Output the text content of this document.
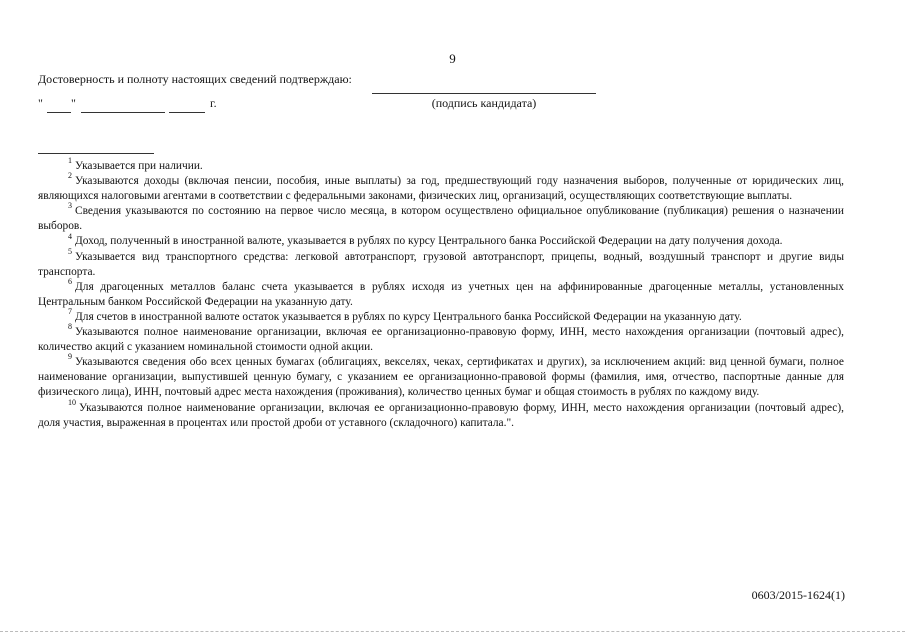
9
Достоверность и полноту настоящих сведений подтверждаю:
(подпись кандидата)
" "	г.

$^1$ Указывается при наличии.

$^2$ Указываются доходы (включая пенсии, пособия, иные выплаты) за год, предшествующий году назначения выборов, полученные от юридических лиц, являющихся налоговыми агентами в соответствии с федеральными законами, физических лиц, организаций, осуществляющих соответствующие выплаты.

$^3$ Сведения указываются по состоянию на первое число месяца, в котором осуществлено официальное опубликование (публикация) решения о назначении выборов.

$^4$ Доход, полученный в иностранной валюте, указывается в рублях по курсу Центрального банка Российской Федерации на дату получения дохода.

$^5$ Указывается вид транспортного средства: легковой автотранспорт, грузовой автотранспорт, прицепы, водный, воздушный транспорт и другие виды транспорта.

$^6$ Для драгоценных металлов баланс счета указывается в рублях исходя из учетных цен на аффинированные драгоценные металлы, установленных Центральным банком Российской Федерации на указанную дату.

$^7$ Для счетов в иностранной валюте остаток указывается в рублях по курсу Центрального банка Российской Федерации на указанную дату.

$^8$ Указываются полное наименование организации, включая ее организационно-правовую форму, ИНН, место нахождения организации (почтовый адрес), количество акций с указанием номинальной стоимости одной акции.

$^9$ Указываются сведения обо всех ценных бумагах (облигациях, векселях, чеках, сертификатах и других), за исключением акций: вид ценной бумаги, полное наименование организации, выпустившей ценную бумагу, с указанием ее организационно-правовой формы (фамилия, имя, отчество, паспортные данные для физического лица), ИНН, почтовый адрес места нахождения (проживания), количество ценных бумаг и общая стоимость в рублях по каждому виду.

$^{10}$ Указываются полное наименование организации, включая ее организационно-правовую форму, ИНН, место нахождения организации (почтовый адрес), доля участия, выраженная в процентах или простой дроби от уставного (складочного) капитала.".

0603/2015-1624(1)
